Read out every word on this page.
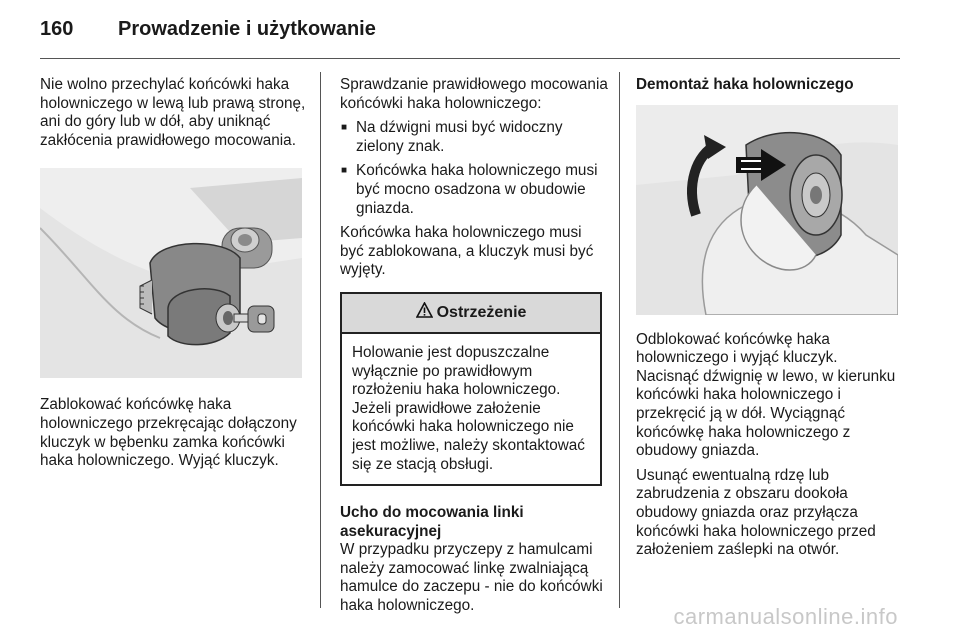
160 Prowadzenie i użytkowanie

Nie wolno przechylać końcówki haka holowniczego w lewą lub prawą stronę, ani do góry lub w dół, aby uniknąć zakłócenia prawidłowego mocowania.

Zablokować końcówkę haka holowniczego przekręcając dołączony kluczyk w bębenku zamka końcówki haka holowniczego. Wyjąć kluczyk.

Sprawdzanie prawidłowego mocowania końcówki haka holowniczego:

■ Na dźwigni musi być widoczny zielony znak.
■ Końcówka haka holowniczego musi być mocno osadzona w obudowie gniazda.

Końcówka haka holowniczego musi być zablokowana, a kluczyk musi być wyjęty.

Ostrzeżenie
Holowanie jest dopuszczalne wyłącznie po prawidłowym rozłożeniu haka holowniczego. Jeżeli prawidłowe założenie końcówki haka holowniczego nie jest możliwe, należy skontaktować się ze stacją obsługi.

Ucho do mocowania linki asekuracyjnej

W przypadku przyczepy z hamulcami należy zamocować linkę zwalniającą hamulce do zaczepu - nie do końcówki haka holowniczego.

Demontaż haka holowniczego

Odblokować końcówkę haka holowniczego i wyjąć kluczyk. Nacisnąć dźwignię w lewo, w kierunku końcówki haka holowniczego i przekręcić ją w dół. Wyciągnąć końcówkę haka holowniczego z obudowy gniazda.

Usunąć ewentualną rdzę lub zabrudzenia z obszaru dookoła obudowy gniazda oraz przyłącza końcówki haka holowniczego przed założeniem zaślepki na otwór.

carmanualsonline.info
